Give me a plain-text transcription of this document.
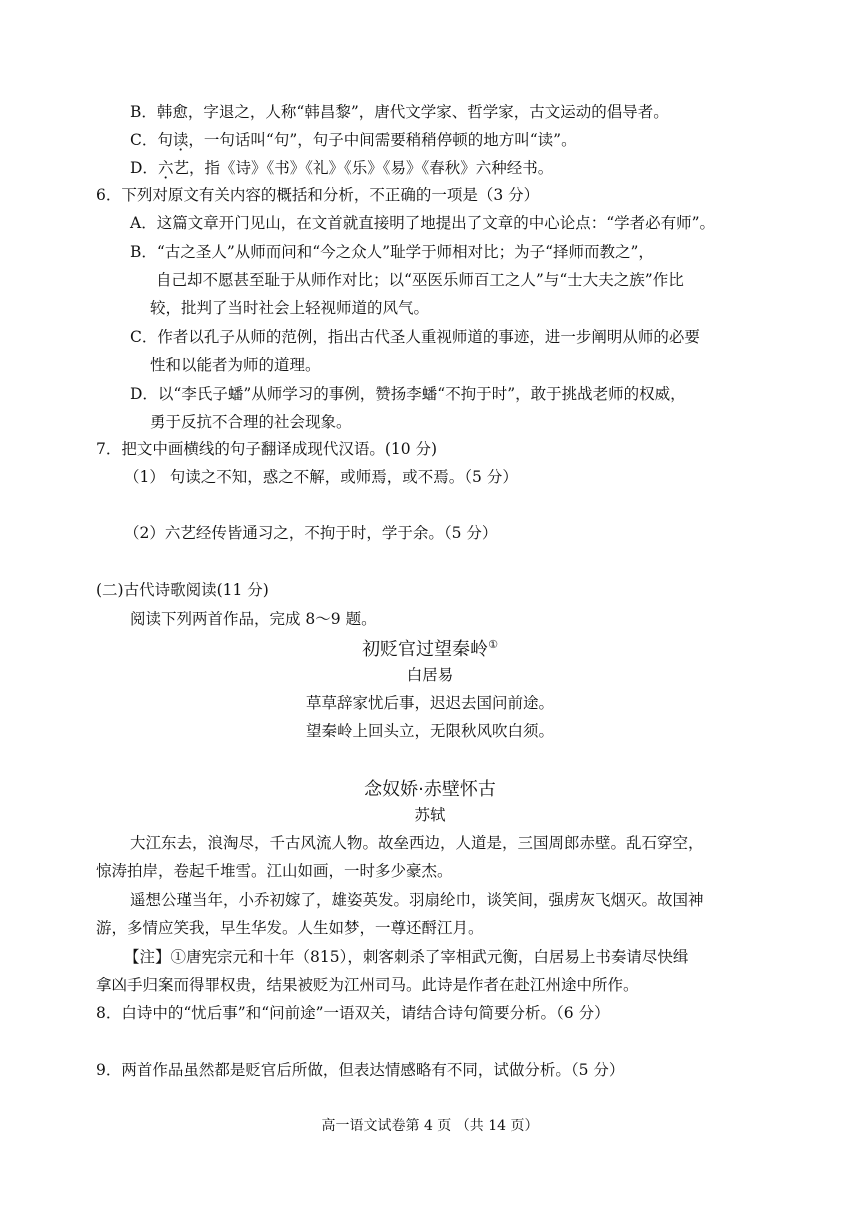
B．韩愈，字退之，人称“韩昌黎”，唐代文学家、哲学家，古文运动的倡导者。
C．句读，一句话叫“句”，句子中间需要稍稍停顿的地方叫“读”。
D．六艺，指《诗》《书》《礼》《乐》《易》《春秋》六种经书。
6．下列对原文有关内容的概括和分析，不正确的一项是（3 分）
A．这篇文章开门见山，在文首就直接明了地提出了文章的中心论点：“学者必有师”。
B．“古之圣人”从师而问和“今之众人”耻学于师相对比；为子“择师而教之”，
自己却不愿甚至耻于从师作对比；以“巫医乐师百工之人”与“士大夫之族”作比
较，批判了当时社会上轻视师道的风气。
C．作者以孔子从师的范例，指出古代圣人重视师道的事迹，进一步阐明从师的必要
性和以能者为师的道理。
D．以“李氏子蟠”从师学习的事例，赞扬李蟠“不拘于时”，敢于挑战老师的权威，
勇于反抗不合理的社会现象。
7．把文中画横线的句子翻译成现代汉语。(10 分)
（1） 句读之不知，惑之不解，或师焉，或不焉。（5 分）
（2）六艺经传皆通习之，不拘于时，学于余。（5 分）
(二)古代诗歌阅读(11 分)
阅读下列两首作品，完成 8～9 题。
初贬官过望秦岭①
白居易
草草辞家忧后事，迟迟去国问前途。
望秦岭上回头立，无限秋风吹白须。
念奴娇·赤壁怀古
苏轼
大江东去，浪淘尽，千古风流人物。故垒西边，人道是，三国周郎赤壁。乱石穿空，
惊涛拍岸，卷起千堆雪。江山如画，一时多少豪杰。
遥想公瑾当年，小乔初嫁了，雄姿英发。羽扇纶巾，谈笑间，强虏灰飞烟灭。故国神
游，多情应笑我，早生华发。人生如梦，一尊还酹江月。
【注】①唐宪宗元和十年（815），刺客刺杀了宰相武元衡，白居易上书奏请尽快缉
拿凶手归案而得罪权贵，结果被贬为江州司马。此诗是作者在赴江州途中所作。
8．白诗中的“忧后事”和“问前途”一语双关，请结合诗句简要分析。（6 分）
9．两首作品虽然都是贬官后所做，但表达情感略有不同，试做分析。（5 分）
高一语文试卷第 4 页 （共 14 页）
